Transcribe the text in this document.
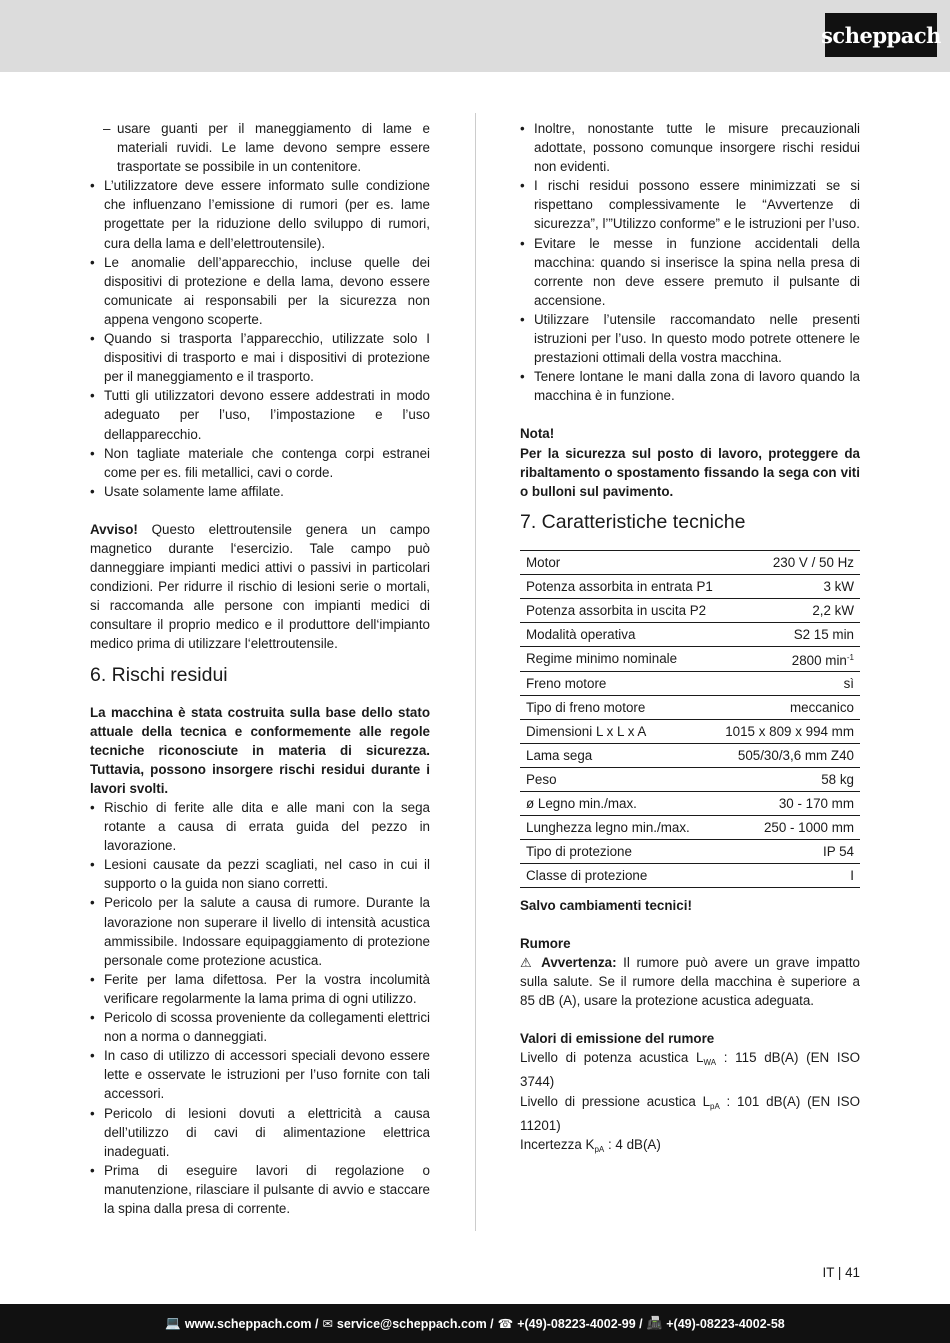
scheppach
– usare guanti per il maneggiamento di lame e materiali ruvidi. Le lame devono sempre essere trasportate se possibile in un contenitore.
• L’utilizzatore deve essere informato sulle condizione che influenzano l’emissione di rumori (per es. lame progettate per la riduzione dello sviluppo di rumori, cura della lama e dell’elettroutensile).
• Le anomalie dell’apparecchio, incluse quelle dei dispositivi di protezione e della lama, devono essere comunicate ai responsabili per la sicurezza non appena vengono scoperte.
• Quando si trasporta l’apparecchio, utilizzate solo I dispositivi di trasporto e mai i dispositivi di protezione per il maneggiamento e il trasporto.
• Tutti gli utilizzatori devono essere addestrati in modo adeguato per l’uso, l’impostazione e l’uso dellapparecchio.
• Non tagliate materiale che contenga corpi estranei come per es. fili metallici, cavi o corde.
• Usate solamente lame affilate.

Avviso! Questo elettroutensile genera un campo magnetico durante l‘esercizio. Tale campo può danneggiare impianti medici attivi o passivi in particolari condizioni. Per ridurre il rischio di lesioni serie o mortali, si raccomanda alle persone con impianti medici di consultare il proprio medico e il produttore dell‘impianto medico prima di utilizzare l‘elettroutensile.

6. Rischi residui

La macchina è stata costruita sulla base dello stato attuale della tecnica e conformemente alle regole tecniche riconosciute in materia di sicurezza. Tuttavia, possono insorgere rischi residui durante i lavori svolti.

• Rischio di ferite alle dita e alle mani con la sega rotante a causa di errata guida del pezzo in lavorazione.
• Lesioni causate da pezzi scagliati, nel caso in cui il supporto o la guida non siano corretti.
• Pericolo per la salute a causa di rumore. Durante la lavorazione non superare il livello di intensità acustica ammissibile. Indossare equipaggiamento di protezione personale come protezione acustica.
• Ferite per lama difettosa. Per la vostra incolumità verificare regolarmente la lama prima di ogni utilizzo.
• Pericolo di scossa proveniente da collegamenti elettrici non a norma o danneggiati.
• In caso di utilizzo di accessori speciali devono essere lette e osservate le istruzioni per l’uso fornite con tali accessori.
• Pericolo di lesioni dovuti a elettricità a causa dell’utilizzo di cavi di alimentazione elettrica inadeguati.
• Prima di eseguire lavori di regolazione o manutenzione, rilasciare il pulsante di avvio e staccare la spina dalla presa di corrente.
• Inoltre, nonostante tutte le misure precauzionali adottate, possono comunque insorgere rischi residui non evidenti.
• I rischi residui possono essere minimizzati se si rispettano complessivamente le “Avvertenze di sicurezza”, l’”Utilizzo conforme” e le istruzioni per l’uso.
• Evitare le messe in funzione accidentali della macchina: quando si inserisce la spina nella presa di corrente non deve essere premuto il pulsante di accensione.
• Utilizzare l’utensile raccomandato nelle presenti istruzioni per l’uso. In questo modo potrete ottenere le prestazioni ottimali della vostra macchina.
• Tenere lontane le mani dalla zona di lavoro quando la macchina è in funzione.

Nota!

Per la sicurezza sul posto di lavoro, proteggere da ribaltamento o spostamento fissando la sega con viti o bulloni sul pavimento.

7. Caratteristiche tecniche
Motor	230 V / 50 Hz
Potenza assorbita in entrata P1	3 kW
Potenza assorbita in uscita P2	2,2 kW
Modalità operativa	S2 15 min
Regime minimo nominale	2800 $\min^{-1}$
Freno motore	sì
Tipo di freno motore	meccanico
Dimensioni L x L x A	1015 x 809 x 994 mm
Lama sega	505/30/3,6 mm Z40
Peso	58 kg
ø Legno min./max.	30 - 170 mm
Lunghezza legno min./max.	250 - 1000 mm
Tipo di protezione	IP 54
Classe di protezione	I

Salvo cambiamenti tecnici!

Rumore

⚠ Avvertenza: Il rumore può avere un grave impatto sulla salute. Se il rumore della macchina è superiore a 85 dB (A), usare la protezione acustica adeguata.

Valori di emissione del rumore

Livello di potenza acustica $L_{WA}$ : 115 dB(A) (EN ISO 3744)

Livello di pressione acustica $L_{pA}$ : 101 dB(A) (EN ISO 11201)

Incertezza $K_{pA}$ : 4 dB(A)

IT | 41
💻 www.scheppach.com / ✉ service@scheppach.com / ☎ +(49)-08223-4002-99 / 📠 +(49)-08223-4002-58
